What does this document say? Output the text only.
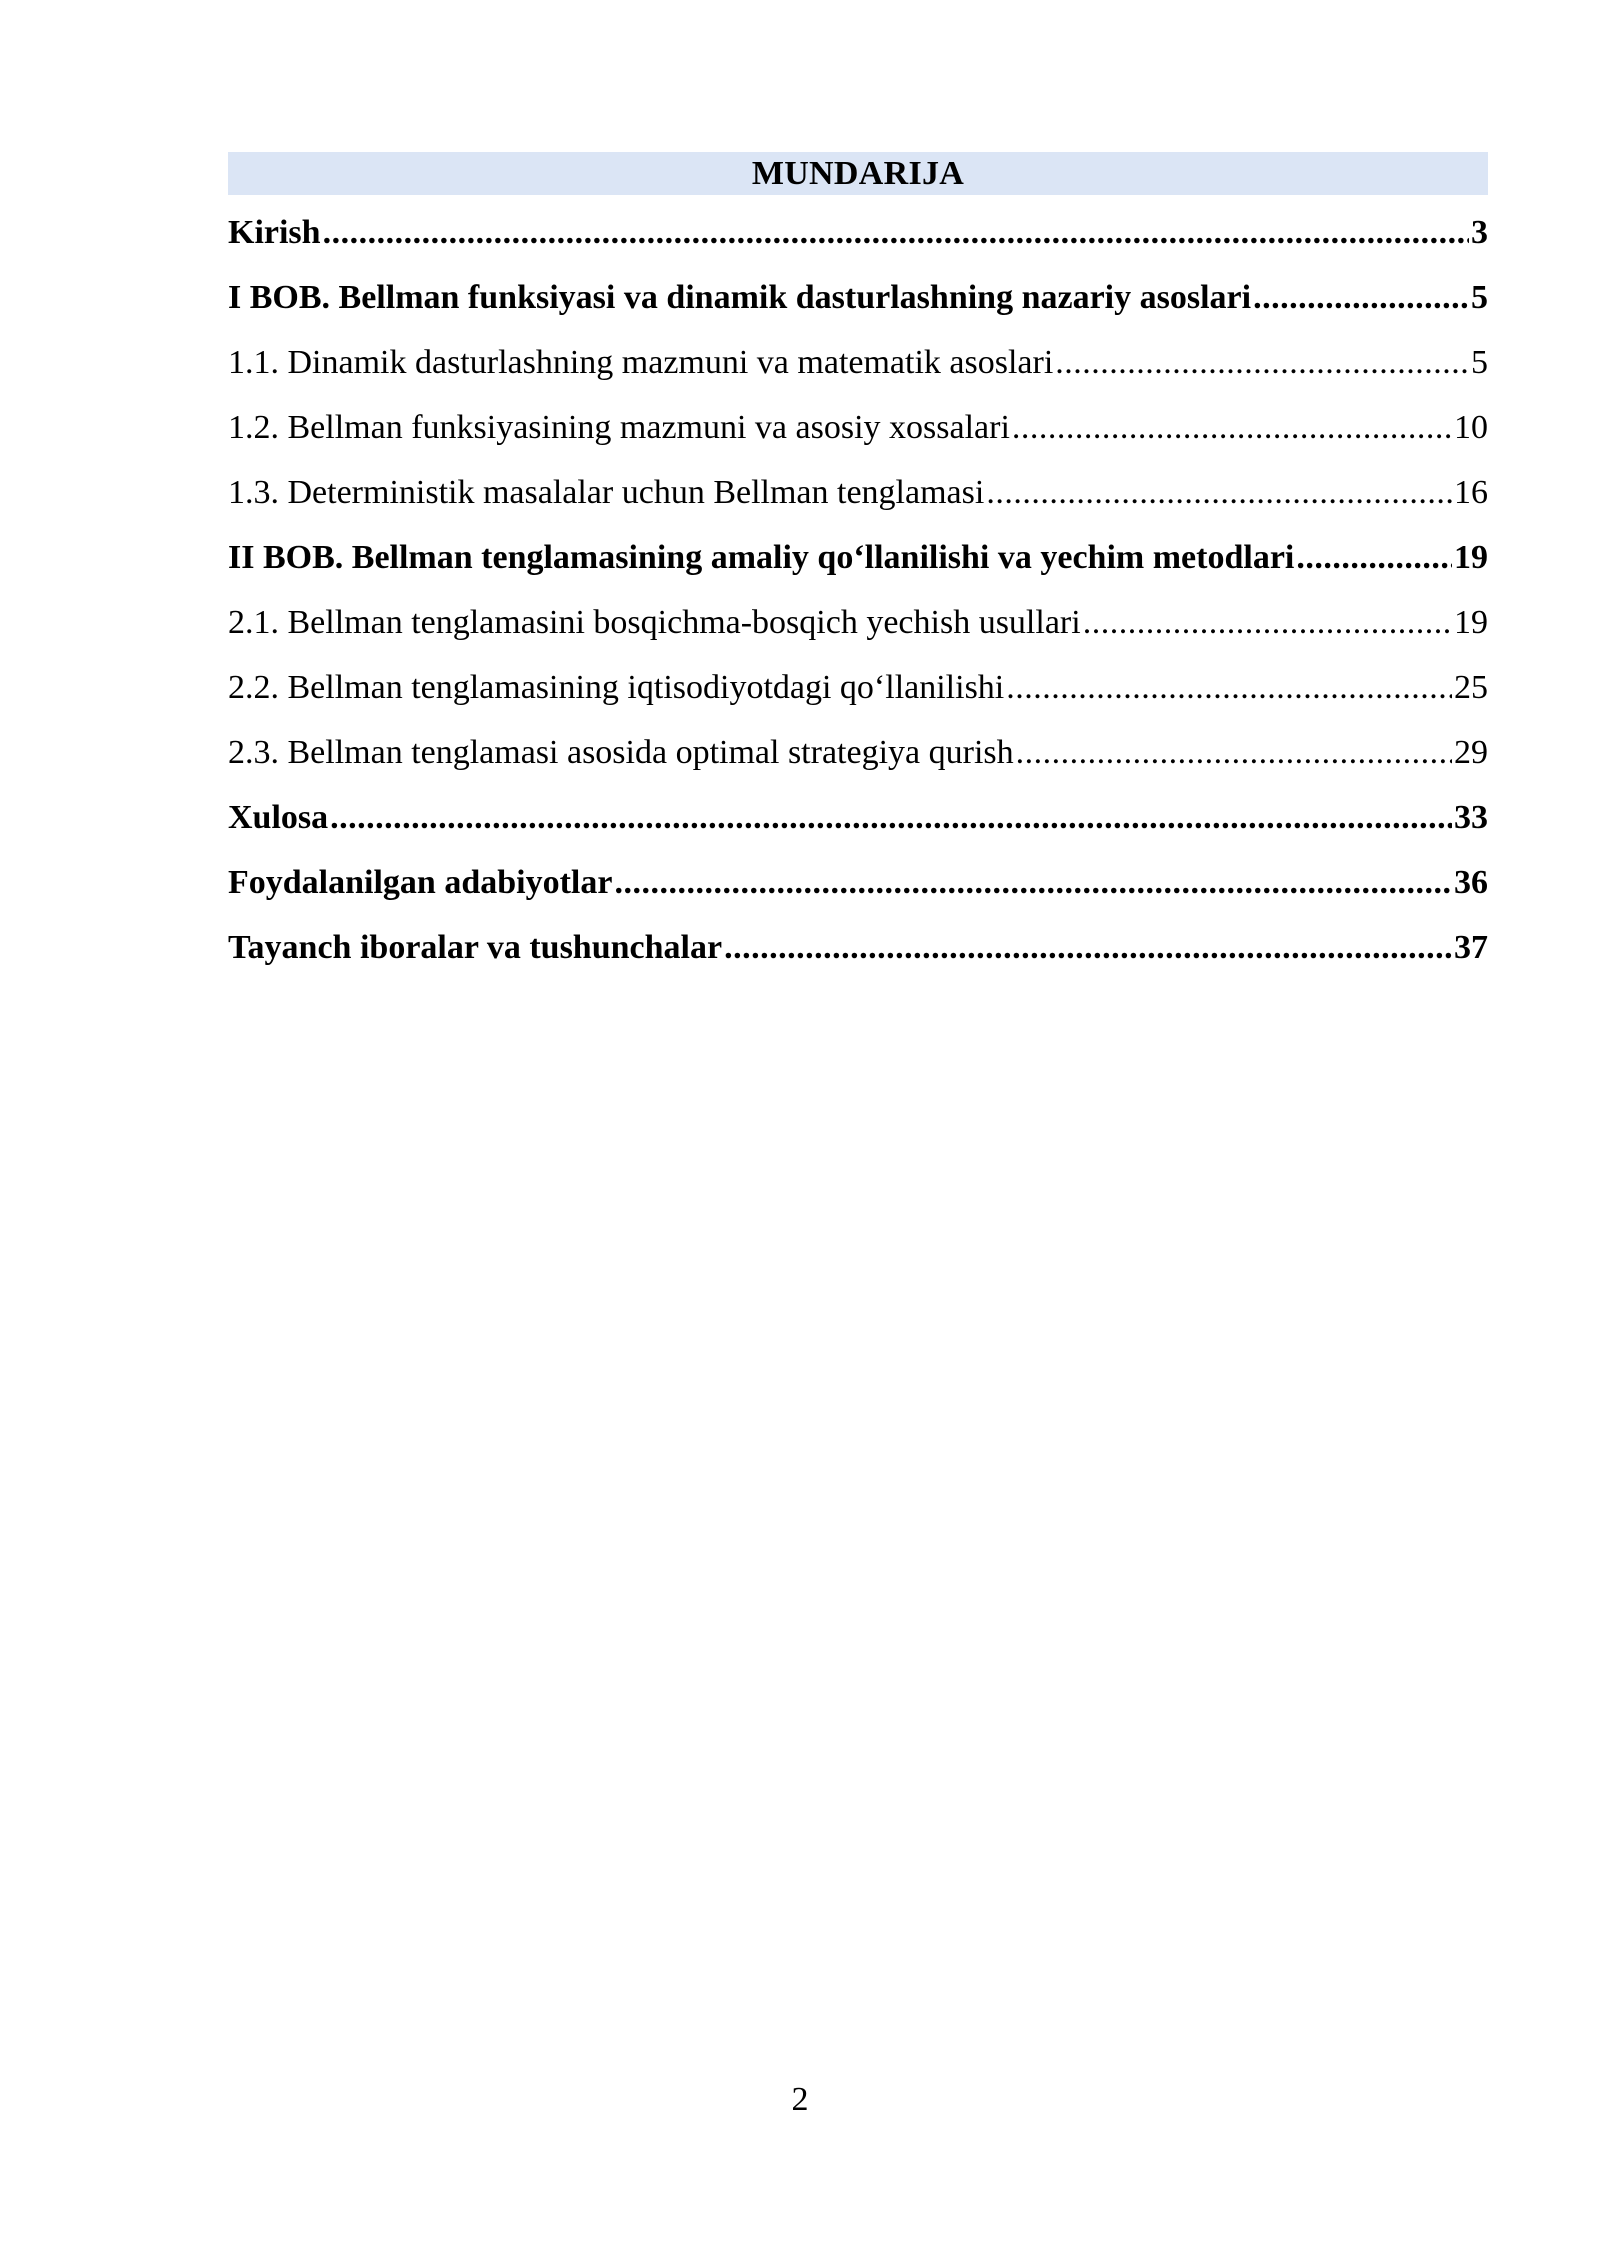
MUNDARIJA
Kirish .....	3
I BOB. Bellman funksiyasi va dinamik dasturlashning nazariy asoslari .....	5
1.1. Dinamik dasturlashning mazmuni va matematik asoslari .....	5
1.2. Bellman funksiyasining mazmuni va asosiy xossalari .....	10
1.3. Deterministik masalalar uchun Bellman tenglamasi .....	16
II BOB. Bellman tenglamasining amaliy qo‘llanilishi va yechim metodlari .....	19
2.1. Bellman tenglamasini bosqichma-bosqich yechish usullari .....	19
2.2. Bellman tenglamasining iqtisodiyotdagi qo‘llanilishi .....	25
2.3. Bellman tenglamasi asosida optimal strategiya qurish .....	29
Xulosa .....	33
Foydalanilgan adabiyotlar .....	36
Tayanch iboralar va tushunchalar .....	37
2
